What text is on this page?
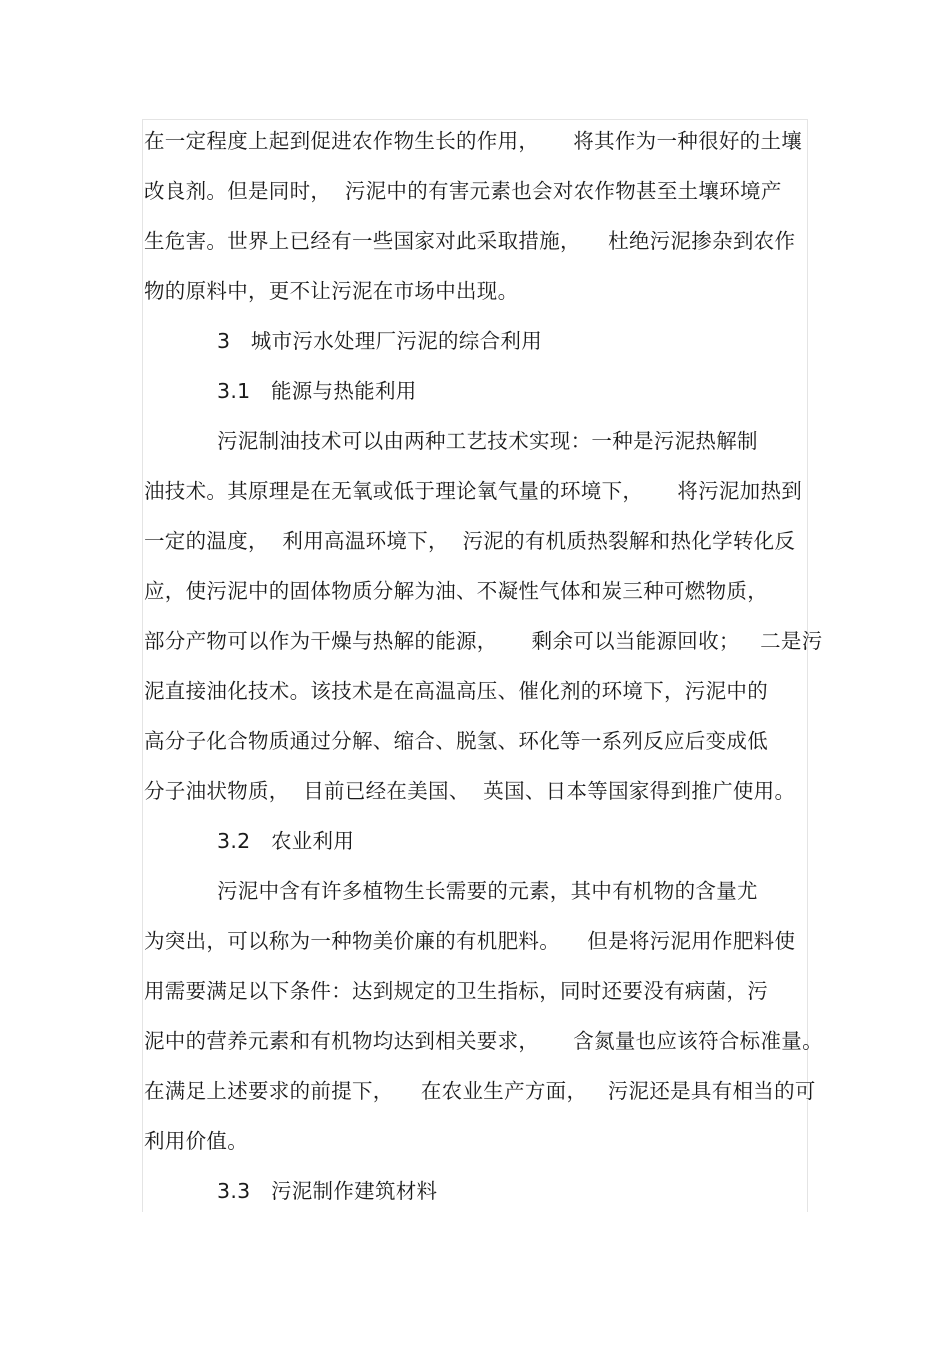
在一定程度上起到促进农作物生长的作用，     将其作为一种很好的土壤
改良剂。但是同时，  污泥中的有害元素也会对农作物甚至土壤环境产
生危害。世界上已经有一些国家对此采取措施，    杜绝污泥掺杂到农作
物的原料中，更不让污泥在市场中出现。
3   城市污水处理厂污泥的综合利用
3.1   能源与热能利用
污泥制油技术可以由两种工艺技术实现：一种是污泥热解制
油技术。其原理是在无氧或低于理论氧气量的环境下，     将污泥加热到
一定的温度，  利用高温环境下，  污泥的有机质热裂解和热化学转化反
应，使污泥中的固体物质分解为油、不凝性气体和炭三种可燃物质，
部分产物可以作为干燥与热解的能源，     剩余可以当能源回收；   二是污
泥直接油化技术。该技术是在高温高压、催化剂的环境下，污泥中的
高分子化合物质通过分解、缩合、脱氢、环化等一系列反应后变成低
分子油状物质，  目前已经在美国、  英国、日本等国家得到推广使用。
3.2   农业利用
污泥中含有许多植物生长需要的元素，其中有机物的含量尤
为突出，可以称为一种物美价廉的有机肥料。    但是将污泥用作肥料使
用需要满足以下条件：达到规定的卫生指标，同时还要没有病菌，污
泥中的营养元素和有机物均达到相关要求，     含氮量也应该符合标准量。
在满足上述要求的前提下，    在农业生产方面，   污泥还是具有相当的可
利用价值。
3.3   污泥制作建筑材料
